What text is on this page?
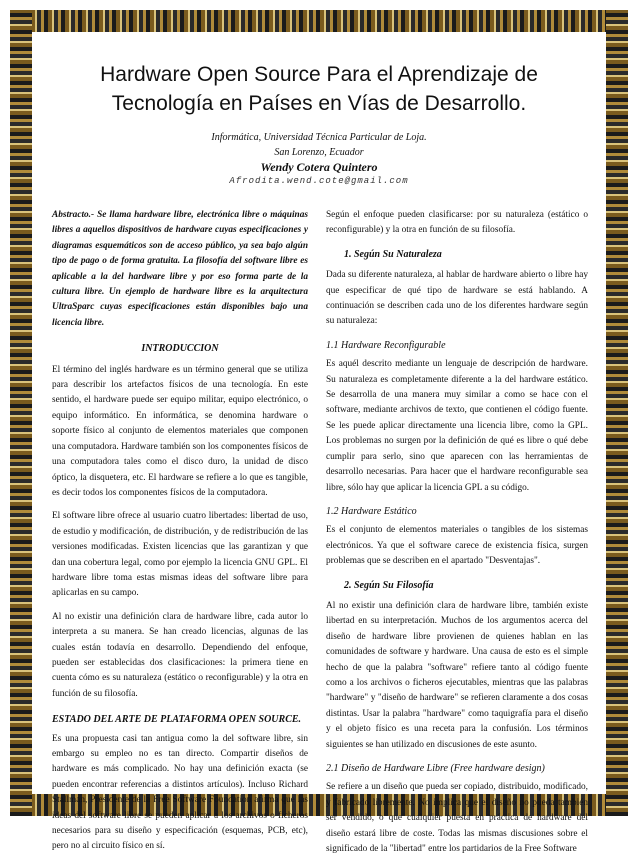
Hardware Open Source Para el Aprendizaje de
Tecnología en Países en Vías de Desarrollo.
Informática, Universidad Técnica Particular de Loja.
San Lorenzo, Ecuador
Wendy Cotera Quintero
Afrodita.wend.cote@gmail.com

Abstracto.- Se llama hardware libre, electrónica libre o máquinas libres a aquellos dispositivos de hardware cuyas especificaciones y diagramas esquemáticos son de acceso público, ya sea bajo algún tipo de pago o de forma gratuita. La filosofía del software libre es aplicable a la del hardware libre y por eso forma parte de la cultura libre. Un ejemplo de hardware libre es la arquitectura UltraSparc cuyas especificaciones están disponibles bajo una licencia libre.

INTRODUCCION

El término del inglés hardware es un término general que se utiliza para describir los artefactos físicos de una tecnología. En este sentido, el hardware puede ser equipo militar, equipo electrónico, o equipo informático. En informática, se denomina hardware o soporte físico al conjunto de elementos materiales que componen una computadora. Hardware también son los componentes físicos de una computadora tales como el disco duro, la unidad de disco óptico, la disquetera, etc. El hardware se refiere a lo que es tangible, es decir todos los componentes físicos de la computadora.

El software libre ofrece al usuario cuatro libertades: libertad de uso, de estudio y modificación, de distribución, y de redistribución de las versiones modificadas. Existen licencias que las garantizan y que dan una cobertura legal, como por ejemplo la licencia GNU GPL. El hardware libre toma estas mismas ideas del software libre para aplicarlas en su campo.

Al no existir una definición clara de hardware libre, cada autor lo interpreta a su manera. Se han creado licencias, algunas de las cuales están todavía en desarrollo. Dependiendo del enfoque, pueden ser establecidas dos clasificaciones: la primera tiene en cuenta cómo es su naturaleza (estático o reconfigurable) y la otra en función de su filosofía.

ESTADO DEL ARTE DE PLATAFORMA OPEN SOURCE.

Es una propuesta casi tan antigua como la del software libre, sin embargo su empleo no es tan directo. Compartir diseños de hardware es más complicado. No hay una definición exacta (se pueden encontrar referencias a distintos artículos). Incluso Richard Stallman, Presidente de la Free Software Foundation afirma que las ideas del software libre se pueden aplicar a los archivos o ficheros necesarios para su diseño y especificación (esquemas, PCB, etc), pero no al circuito físico en sí.

Según el enfoque pueden clasificarse: por su naturaleza (estático o reconfigurable) y la otra en función de su filosofía.

1. Según Su Naturaleza

Dada su diferente naturaleza, al hablar de hardware abierto o libre hay que especificar de qué tipo de hardware se está hablando. A continuación se describen cada uno de los diferentes hardware según su naturaleza:

1.1 Hardware Reconfigurable

Es aquél descrito mediante un lenguaje de descripción de hardware. Su naturaleza es completamente diferente a la del hardware estático. Se desarrolla de una manera muy similar a como se hace con el software, mediante archivos de texto, que contienen el código fuente. Se les puede aplicar directamente una licencia libre, como la GPL. Los problemas no surgen por la definición de qué es libre o qué debe cumplir para serlo, sino que aparecen con las herramientas de desarrollo necesarias. Para hacer que el hardware reconfigurable sea libre, sólo hay que aplicar la licencia GPL a su código.

1.2 Hardware Estático

Es el conjunto de elementos materiales o tangibles de los sistemas electrónicos. Ya que el software carece de existencia física, surgen problemas que se describen en el apartado "Desventajas".

2. Según Su Filosofía

Al no existir una definición clara de hardware libre, también existe libertad en su interpretación. Muchos de los argumentos acerca del diseño de hardware libre provienen de quienes hablan en las comunidades de software y hardware. Una causa de esto es el simple hecho de que la palabra "software" refiere tanto al código fuente como a los archivos o ficheros ejecutables, mientras que las palabras "hardware" y "diseño de hardware" se refieren claramente a dos cosas distintas. Usar la palabra "hardware" como taquigrafía para el diseño y el objeto físico es una receta para la confusión. Los términos siguientes se han utilizado en discusiones de este asunto.

2.1 Diseño de Hardware Libre (Free hardware design)

Se refiere a un diseño que pueda ser copiado, distribuido, modificado, y fabricado libremente. No implica que el diseño no pueda también ser vendido, o que cualquier puesta en práctica de hardware del diseño estará libre de coste. Todas las mismas discusiones sobre el significado de la "libertad" entre los partidarios de la Free Software
